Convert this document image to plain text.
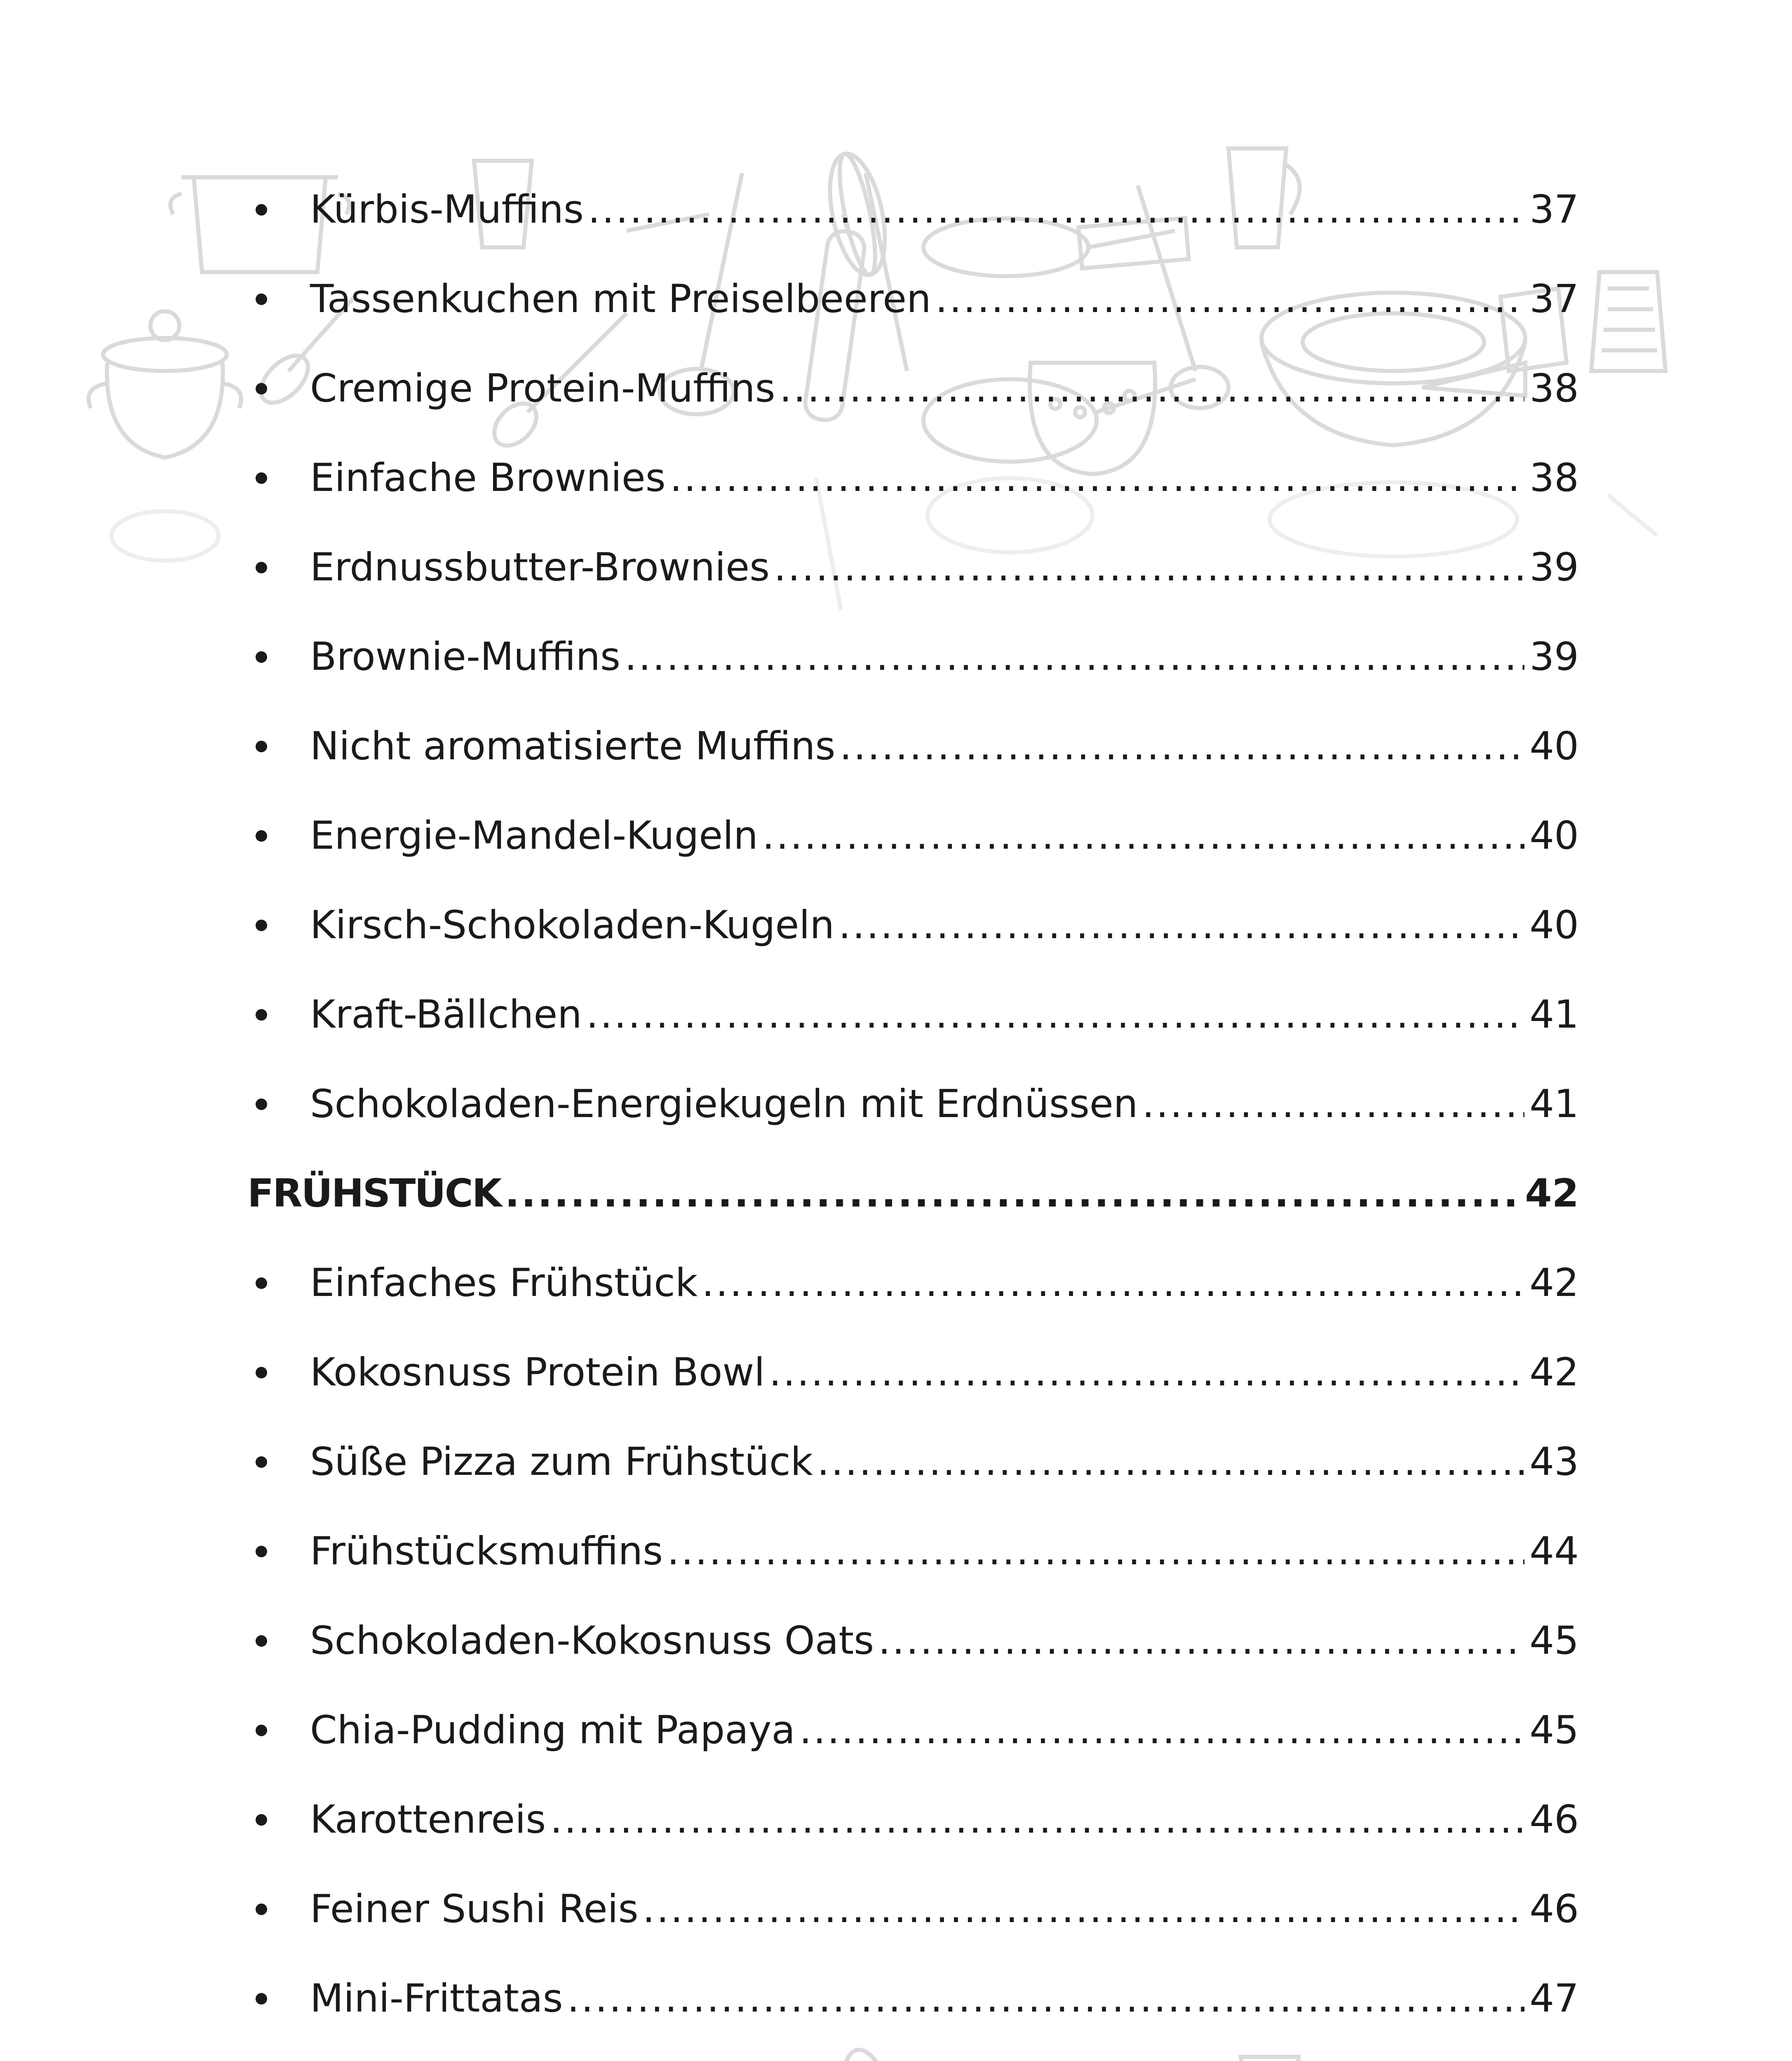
Kürbis-Muffins .....	37
Tassenkuchen mit Preiselbeeren .....	37
Cremige Protein-Muffins .....	38
Einfache Brownies .....	38
Erdnussbutter-Brownies .....	39
Brownie-Muffins .....	39
Nicht aromatisierte Muffins .....	40
Energie-Mandel-Kugeln .....	40
Kirsch-Schokoladen-Kugeln .....	40
Kraft-Bällchen .....	41
Schokoladen-Energiekugeln mit Erdnüssen .....	41
FRÜHSTÜCK .....	42
Einfaches Frühstück .....	42
Kokosnuss Protein Bowl .....	42
Süße Pizza zum Frühstück .....	43
Frühstücksmuffins .....	44
Schokoladen-Kokosnuss Oats .....	45
Chia-Pudding mit Papaya .....	45
Karottenreis .....	46
Feiner Sushi Reis .....	46
Mini-Frittatas .....	47
